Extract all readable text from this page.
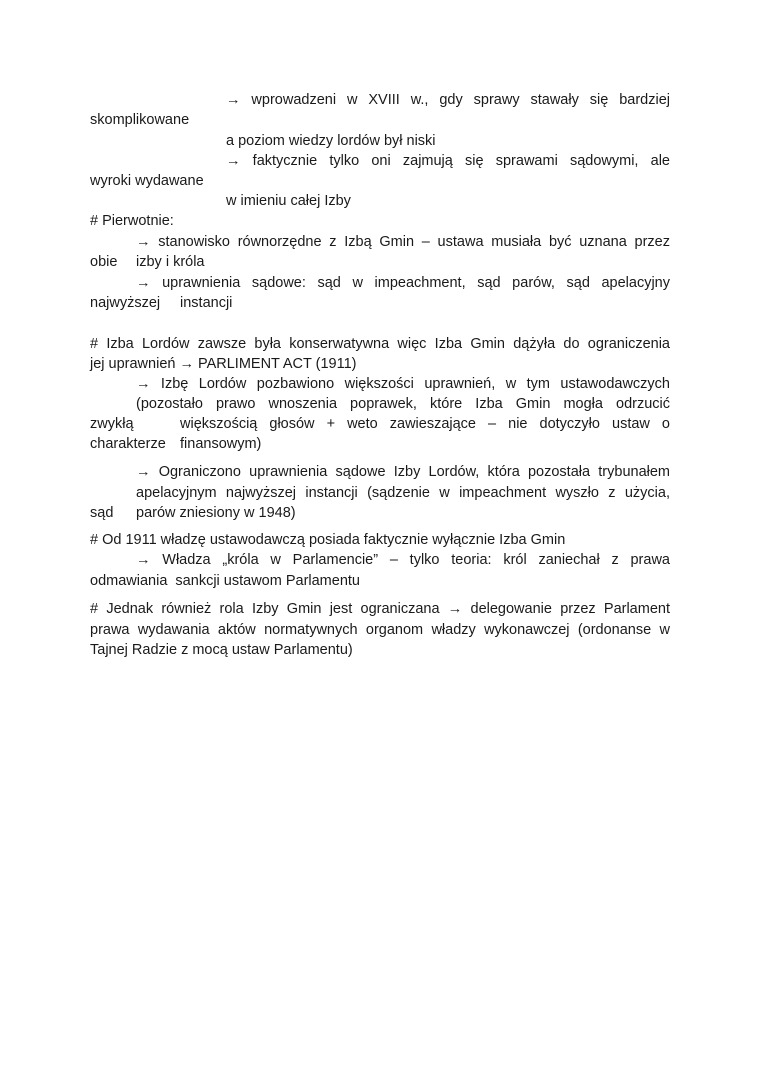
→ wprowadzeni w XVIII w., gdy sprawy stawały się bardziej
skomplikowane
a poziom wiedzy lordów był niski
→ faktycznie tylko oni zajmują się sprawami sądowymi, ale
wyroki wydawane
w imieniu całej Izby
# Pierwotnie:
→ stanowisko równorzędne z Izbą Gmin – ustawa musiała być uznana przez
obie izby i króla
→ uprawnienia sądowe: sąd w impeachment, sąd parów, sąd apelacyjny
najwyższej instancji
# Izba Lordów zawsze była konserwatywna więc Izba Gmin dążyła do ograniczenia
jej uprawnień → PARLIMENT ACT (1911)
→ Izbę Lordów pozbawiono większości uprawnień, w tym ustawodawczych
(pozostało prawo wnoszenia poprawek, które Izba Gmin mogła odrzucić
zwykłą	większością głosów + weto zawieszające – nie dotyczyło ustaw o
charakterze finansowym)
→ Ograniczono uprawnienia sądowe Izby Lordów, która pozostała trybunałem
apelacyjnym najwyższej instancji (sądzenie w impeachment wyszło z użycia,
sąd parów zniesiony w 1948)
# Od 1911 władzę ustawodawczą posiada faktycznie wyłącznie Izba Gmin
→ Władza „króla w Parlamencie” – tylko teoria: król zaniechał z prawa
odmawiania  sankcji ustawom Parlamentu
# Jednak również rola Izby Gmin jest ograniczana → delegowanie przez Parlament
prawa wydawania aktów normatywnych organom władzy wykonawczej (ordonanse w
Tajnej Radzie z mocą ustaw Parlamentu)
